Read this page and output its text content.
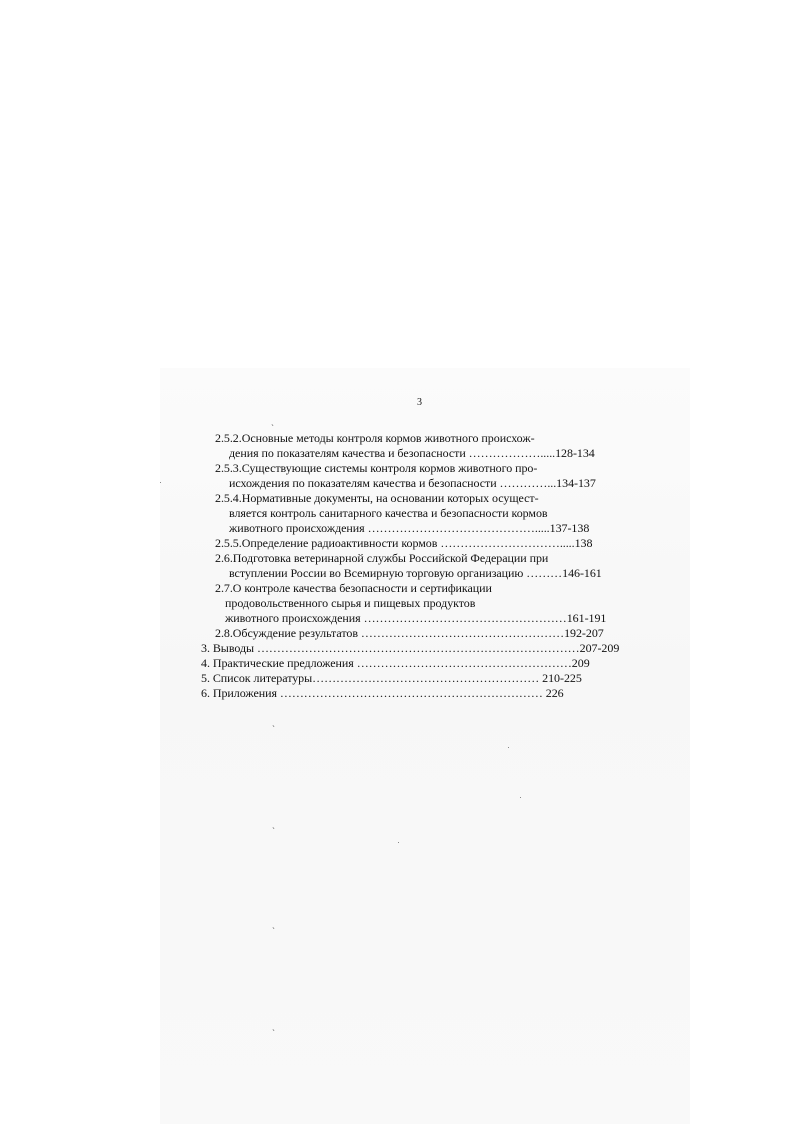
3
2.5.2.Основные методы контроля кормов животного происхож-
дения по показателям качества и безопасности ……………….....128-134
2.5.3.Существующие системы контроля кормов животного про-
исхождения по показателям качества и безопасности …………...134-137
2.5.4.Нормативные документы, на основании которых осущест-
вляется контроль санитарного качества и безопасности кормов
животного происхождения …………………………………….....137-138
2.5.5.Определение радиоактивности кормов ………………………….....138
2.6.Подготовка ветеринарной службы Российской Федерации при
вступлении России во Всемирную торговую организацию ………146-161
2.7.О контроле качества безопасности и сертификации
продовольственного сырья и пищевых продуктов
животного происхождения ……………………………………………161-191
2.8.Обсуждение результатов ……………………………………………192-207
3. Выводы ………………………………………………………………………207-209
4. Практические предложения ………………………………………………209
5. Список литературы………………………………………………… 210-225
6. Приложения ………………………………………………………… 226
ˏ
ˏ
ˏ
ˏ
ˏ
